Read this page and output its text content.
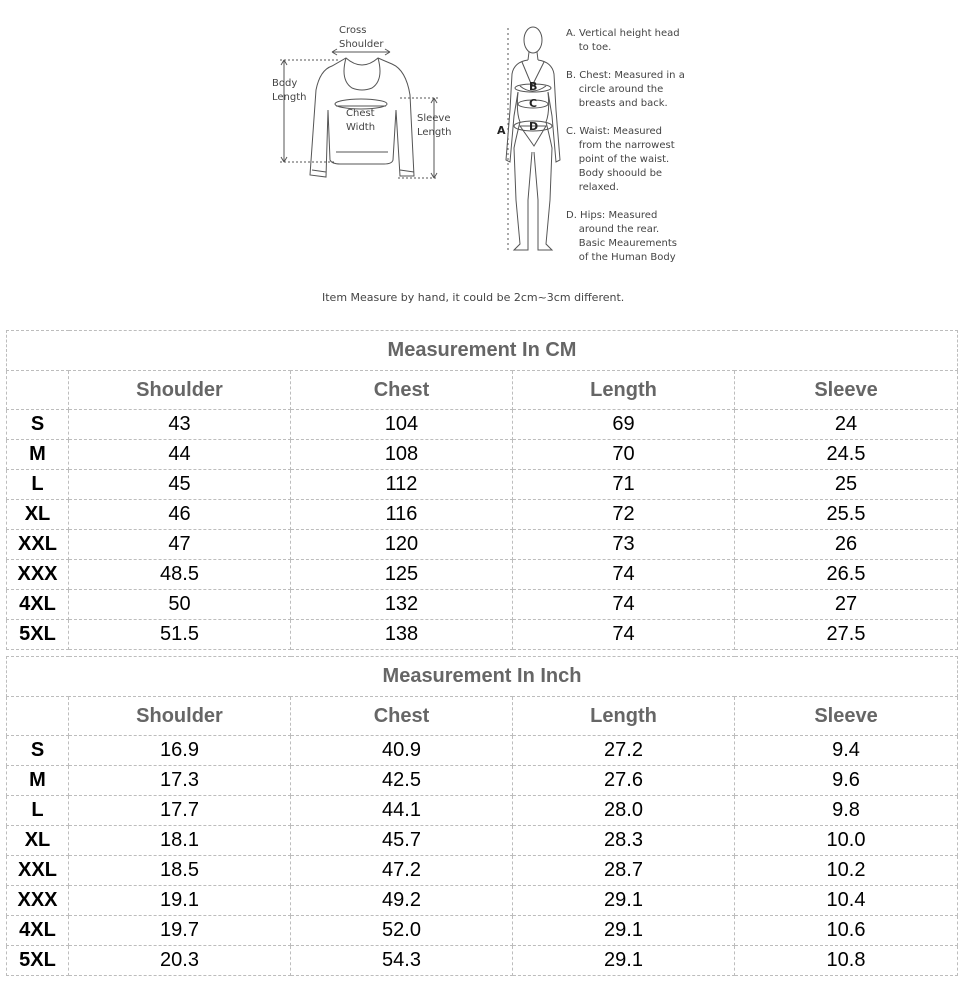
Cross
Shoulder
Body
Length
Chest
Width
Sleeve
Length	A
B
C
D
A. Vertical height head
to toe.
B. Chest: Measured in a
circle around the
breasts and back.
C. Waist: Measured
from the narrowest
point of the waist.
Body shoould be
relaxed.
D. Hips: Measured
around the rear.
Basic Meaurements
of the Human Body
Item Measure by hand, it could be 2cm~3cm different.
Measurement In CM				
	Shoulder	Chest	Length	Sleeve
S	43	104	69	24
M	44	108	70	24.5
L	45	112	71	25
XL	46	116	72	25.5
XXL	47	120	73	26
XXX	48.5	125	74	26.5
4XL	50	132	74	27
5XL	51.5	138	74	27.5
Measurement In Inch				
	Shoulder	Chest	Length	Sleeve
S	16.9	40.9	27.2	9.4
M	17.3	42.5	27.6	9.6
L	17.7	44.1	28.0	9.8
XL	18.1	45.7	28.3	10.0
XXL	18.5	47.2	28.7	10.2
XXX	19.1	49.2	29.1	10.4
4XL	19.7	52.0	29.1	10.6
5XL	20.3	54.3	29.1	10.8
